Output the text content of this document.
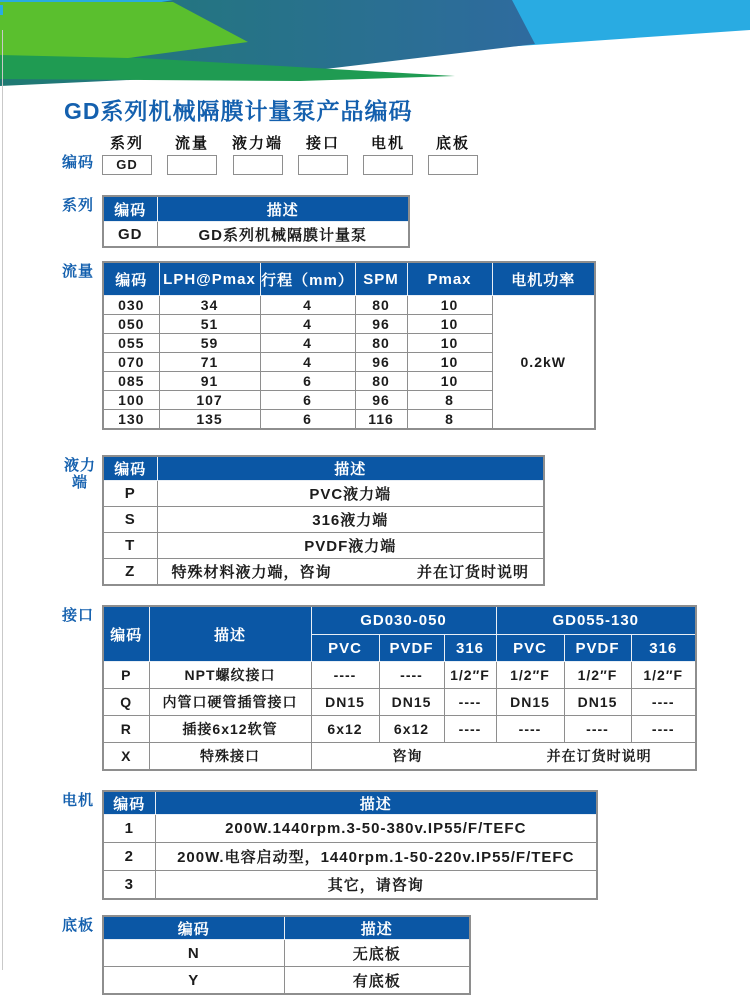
GD系列机械隔膜计量泵产品编码
编码
系列
GD
流量 液力端 接口 电机 底板
系列	编码	描述
GD	GD系列机械隔膜计量泵
流量	编码	LPH@Pmax	行程（mm）	SPM	Pmax	电机功率
030	34	4	80	10	0.2kW
050	51	4	96	10	
055	59	4	80	10	
070	71	4	96	10	
085	91	6	80	10	
100	107	6	96	8	
130	135	6	116	8	
液力端
编码	描述
P	PVC液力端
S	316液力端
T	PVDF液力端
Z	特殊材料液力端，咨询 并在订货时说明
接口
编码	描述	GD030-050			GD055-130		
		PVC	PVDF	316	PVC	PVDF	316
P	NPT螺纹接口	----	----	1/2″F	1/2″F	1/2″F	1/2″F
Q	内管口硬管插管接口	DN15	DN15	----	DN15	DN15	----
R	插接6x12软管	6x12	6x12	----	----	----	----
X	特殊接口	咨询 并在订货时说明					
电机	编码	描述
1	200W.1440rpm.3-50-380v.IP55/F/TEFC
2	200W.电容启动型，1440rpm.1-50-220v.IP55/F/TEFC
3	其它，请咨询
底板	编码	描述
N	无底板
Y	有底板
